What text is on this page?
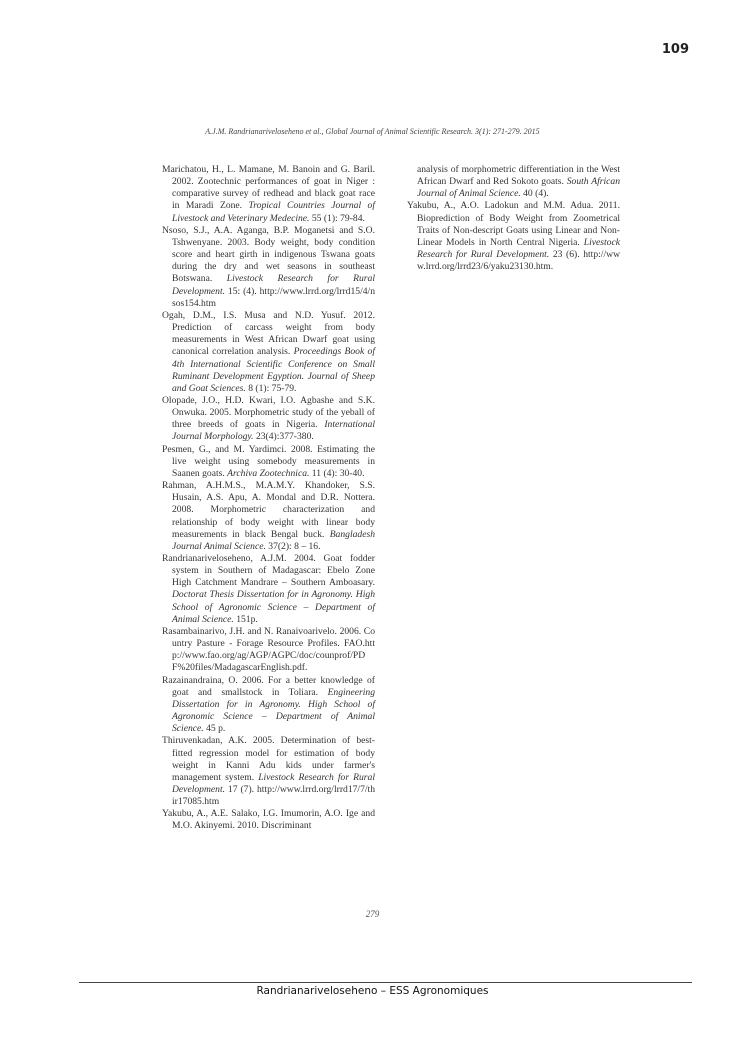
109
A.J.M. Randrianariveloseheno et al., Global Journal of Animal Scientific Research. 3(1): 271-279. 2015

Marichatou, H., L. Mamane, M. Banoin and G. Baril. 2002. Zootechnic performances of goat in Niger : comparative survey of redhead and black goat race in Maradi Zone. Tropical Countries Journal of Livestock and Veterinary Medecine. 55 (1): 79-84.

Nsoso, S.J., A.A. Aganga, B.P. Moganetsi and S.O. Tshwenyane. 2003. Body weight, body condition score and heart girth in indigenous Tswana goats during the dry and wet seasons in southeast Botswana. Livestock Research for Rural Development. 15: (4). http://www.lrrd.org/lrrd15/4/nsos154.htm

Ogah, D.M., I.S. Musa and N.D. Yusuf. 2012. Prediction of carcass weight from body measurements in West African Dwarf goat using canonical correlation analysis. Proceedings Book of 4th International Scientific Conference on Small Ruminant Development Egyption. Journal of Sheep and Goat Sciences. 8 (1): 75-79.

Olopade, J.O., H.D. Kwari, I.O. Agbashe and S.K. Onwuka. 2005. Morphometric study of the yeball of three breeds of goats in Nigeria. International Journal Morphology. 23(4):377-380.

Pesmen, G., and M. Yardimci. 2008. Estimating the live weight using somebody measurements in Saanen goats. Archiva Zootechnica. 11 (4): 30-40.

Rahman, A.H.M.S., M.A.M.Y. Khandoker, S.S. Husain, A.S. Apu, A. Mondal and D.R. Nottera. 2008. Morphometric characterization and relationship of body weight with linear body measurements in black Bengal buck. Bangladesh Journal Animal Science. 37(2): 8 – 16.

Randrianariveloseheno, A.J.M. 2004. Goat fodder system in Southern of Madagascar: Ebelo Zone High Catchment Mandrare – Southern Amboasary. Doctorat Thesis Dissertation for in Agronomy. High School of Agronomic Science – Department of Animal Science. 151p.

Rasambainarivo, J.H. and N. Ranaivoarivelo. 2006. Country Pasture - Forage Resource Profiles. FAO.http://www.fao.org/ag/AGP/AGPC/doc/counprof/PDF%20files/MadagascarEnglish.pdf.

Razainandraina, O. 2006. For a better knowledge of goat and smallstock in Toliara. Engineering Dissertation for in Agronomy. High School of Agronomic Science – Department of Animal Science. 45 p.

Thiruvenkadan, A.K. 2005. Determination of best-fitted regression model for estimation of body weight in Kanni Adu kids under farmer's management system. Livestock Research for Rural Development. 17 (7). http://www.lrrd.org/lrrd17/7/thir17085.htm

Yakubu, A., A.E. Salako, I.G. Imumorin, A.O. Ige and M.O. Akinyemi. 2010. Discriminant

analysis of morphometric differentiation in the West African Dwarf and Red Sokoto goats. South African Journal of Animal Science. 40 (4).

Yakubu, A., A.O. Ladokun and M.M. Adua. 2011. Bioprediction of Body Weight from Zoometrical Traits of Non-descript Goats using Linear and Non-Linear Models in North Central Nigeria. Livestock Research for Rural Development. 23 (6). http://www.lrrd.org/lrrd23/6/yaku23130.htm.

279
Randrianariveloseheno – ESS Agronomiques
